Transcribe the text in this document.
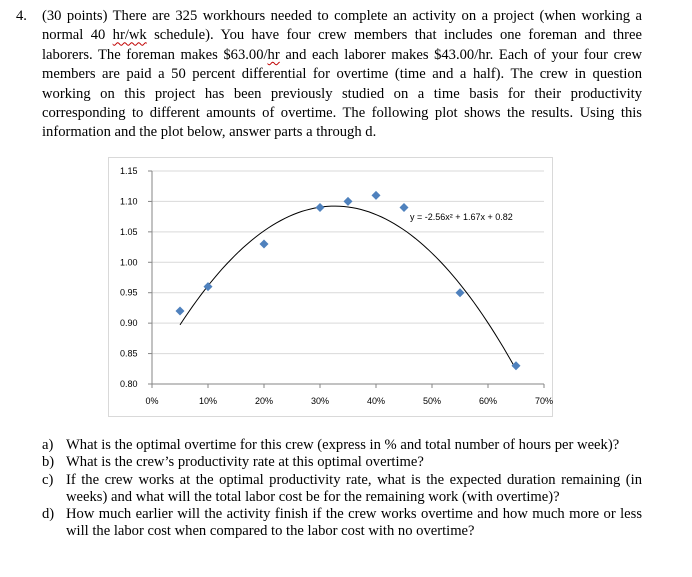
4. (30 points) There are 325 workhours needed to complete an activity on a project (when working a normal 40 hr/wk schedule). You have four crew members that includes one foreman and three laborers. The foreman makes $63.00/hr and each laborer makes $43.00/hr. Each of your four crew members are paid a 50 percent differential for overtime (time and a half). The crew in question working on this project has been previously studied on a time basis for their productivity corresponding to different amounts of overtime. The following plot shows the results. Using this information and the plot below, answer parts a through d.
1.15
1.10
1.05
1.00
0.95
0.90
0.85
0.80
0%	10%	20%	30%	40%	50%	60%	70%
y = -2.56x² + 1.67x + 0.82

a) What is the optimal overtime for this crew (express in % and total number of hours per week)?

b) What is the crew’s productivity rate at this optimal overtime?

c) If the crew works at the optimal productivity rate, what is the expected duration remaining (in weeks) and what will the total labor cost be for the remaining work (with overtime)?

d) How much earlier will the activity finish if the crew works overtime and how much more or less will the labor cost when compared to the labor cost with no overtime?
